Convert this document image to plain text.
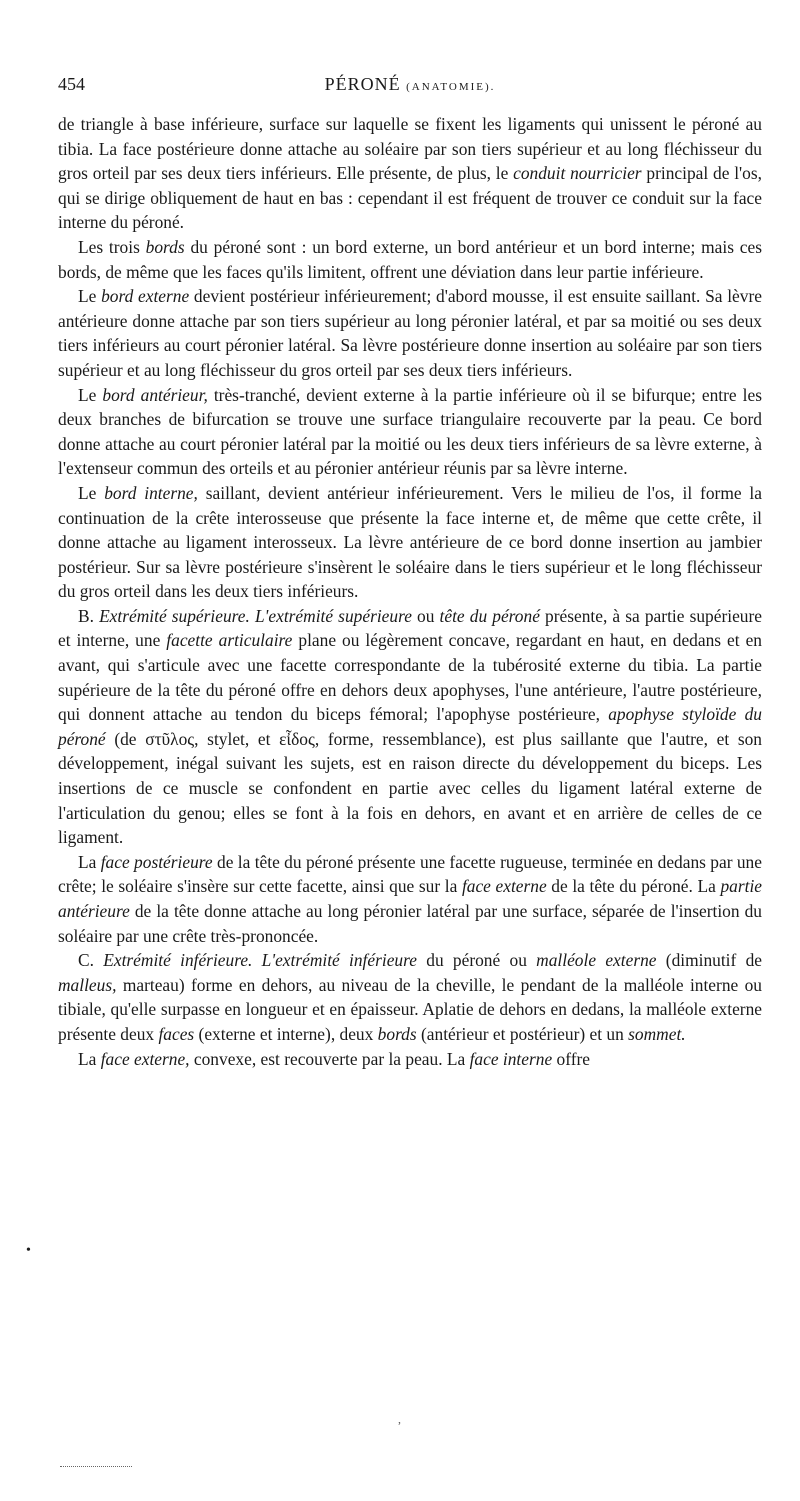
454	PÉRONÉ (ANATOMIE).

de triangle à base inférieure, surface sur laquelle se fixent les ligaments qui unissent le péroné au tibia. La face postérieure donne attache au soléaire par son tiers supérieur et au long fléchisseur du gros orteil par ses deux tiers inférieurs. Elle présente, de plus, le conduit nourricier principal de l'os, qui se dirige obliquement de haut en bas : cependant il est fréquent de trouver ce conduit sur la face interne du péroné.

Les trois bords du péroné sont : un bord externe, un bord antérieur et un bord interne; mais ces bords, de même que les faces qu'ils limitent, offrent une déviation dans leur partie inférieure.

Le bord externe devient postérieur inférieurement; d'abord mousse, il est ensuite saillant. Sa lèvre antérieure donne attache par son tiers supérieur au long péronier latéral, et par sa moitié ou ses deux tiers inférieurs au court péronier latéral. Sa lèvre postérieure donne insertion au soléaire par son tiers supérieur et au long fléchisseur du gros orteil par ses deux tiers inférieurs.

Le bord antérieur, très-tranché, devient externe à la partie inférieure où il se bifurque; entre les deux branches de bifurcation se trouve une surface triangulaire recouverte par la peau. Ce bord donne attache au court péronier latéral par la moitié ou les deux tiers inférieurs de sa lèvre externe, à l'extenseur commun des orteils et au péronier antérieur réunis par sa lèvre interne.

Le bord interne, saillant, devient antérieur inférieurement. Vers le milieu de l'os, il forme la continuation de la crête interosseuse que présente la face interne et, de même que cette crête, il donne attache au ligament interosseux. La lèvre antérieure de ce bord donne insertion au jambier postérieur. Sur sa lèvre postérieure s'insèrent le soléaire dans le tiers supérieur et le long fléchisseur du gros orteil dans les deux tiers inférieurs.

B. Extrémité supérieure. L'extrémité supérieure ou tête du péroné présente, à sa partie supérieure et interne, une facette articulaire plane ou légèrement concave, regardant en haut, en dedans et en avant, qui s'articule avec une facette correspondante de la tubérosité externe du tibia. La partie supérieure de la tête du péroné offre en dehors deux apophyses, l'une antérieure, l'autre postérieure, qui donnent attache au tendon du biceps fémoral; l'apophyse postérieure, apophyse styloïde du péroné (de στῦλος, stylet, et εἶδος, forme, ressemblance), est plus saillante que l'autre, et son développement, inégal suivant les sujets, est en raison directe du développement du biceps. Les insertions de ce muscle se confondent en partie avec celles du ligament latéral externe de l'articulation du genou; elles se font à la fois en dehors, en avant et en arrière de celles de ce ligament.

La face postérieure de la tête du péroné présente une facette rugueuse, terminée en dedans par une crête; le soléaire s'insère sur cette facette, ainsi que sur la face externe de la tête du péroné. La partie antérieure de la tête donne attache au long péronier latéral par une surface, séparée de l'insertion du soléaire par une crête très-prononcée.

C. Extrémité inférieure. L'extrémité inférieure du péroné ou malléole externe (diminutif de malleus, marteau) forme en dehors, au niveau de la cheville, le pendant de la malléole interne ou tibiale, qu'elle surpasse en longueur et en épaisseur. Aplatie de dehors en dedans, la malléole externe présente deux faces (externe et interne), deux bords (antérieur et postérieur) et un sommet.

La face externe, convexe, est recouverte par la peau. La face interne offre

•
,
